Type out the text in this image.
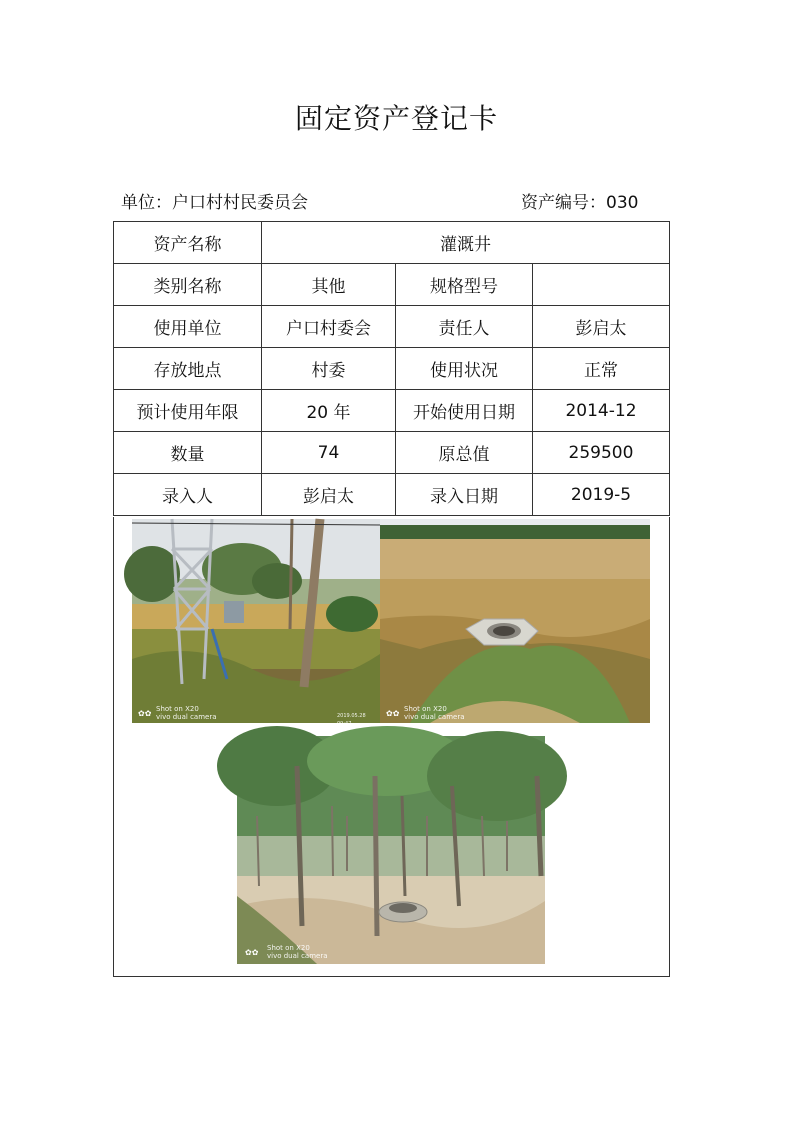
固定资产登记卡
单位：户口村村民委员会	资产编号：030
资产名称	灌溉井		
类别名称	其他	规格型号	
使用单位	户口村委会	责任人	彭启太
存放地点	村委	使用状况	正常
预计使用年限	20 年	开始使用日期	2014-12
数量	74	原总值	259500
录入人	彭启太	录入日期	2019-5
✿✿ Shot on X20
vivo dual camera	2019.05.28 09:47
✿✿ Shot on X20
vivo dual camera
✿✿ Shot on X20
vivo dual camera
